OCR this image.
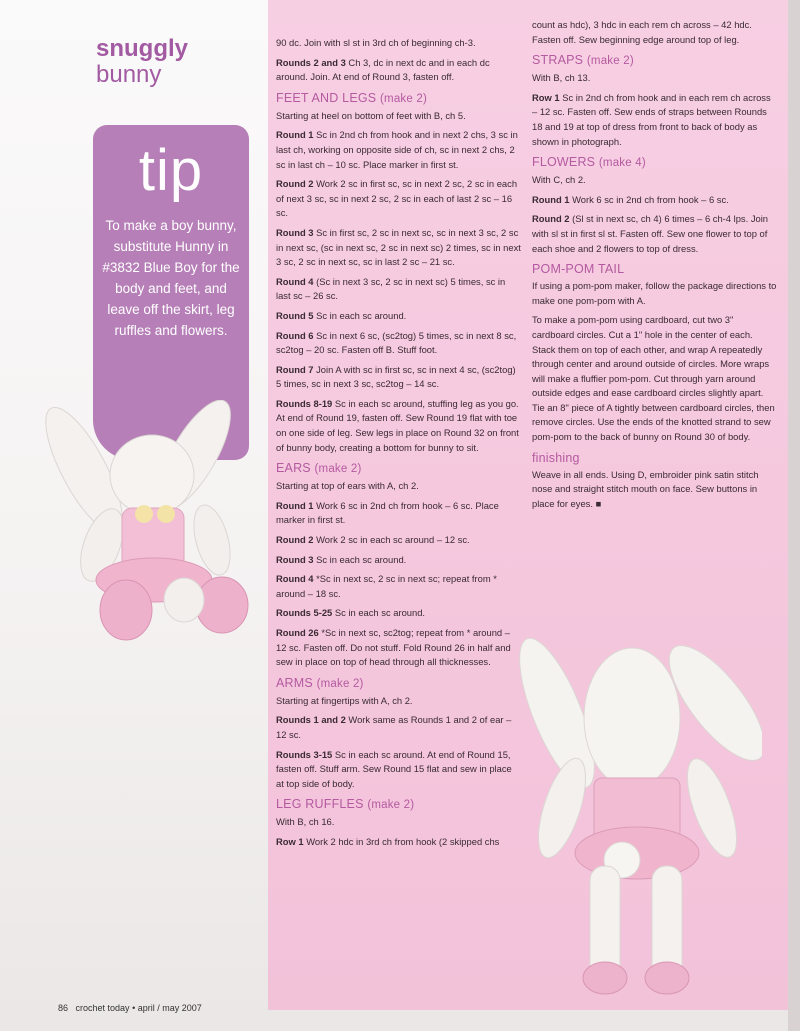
snuggly
bunny
tip
To make a boy bunny, substitute Hunny in #3832 Blue Boy for the body and feet, and leave off the skirt, leg ruffles and flowers.

90 dc. Join with sl st in 3rd ch of beginning ch-3.

Rounds 2 and 3 Ch 3, dc in next dc and in each dc around. Join. At end of Round 3, fasten off.

FEET AND LEGS (make 2)

Starting at heel on bottom of feet with B, ch 5.

Round 1 Sc in 2nd ch from hook and in next 2 chs, 3 sc in last ch, working on opposite side of ch, sc in next 2 chs, 2 sc in last ch – 10 sc. Place marker in first st.

Round 2 Work 2 sc in first sc, sc in next 2 sc, 2 sc in each of next 3 sc, sc in next 2 sc, 2 sc in each of last 2 sc – 16 sc.

Round 3 Sc in first sc, 2 sc in next sc, sc in next 3 sc, 2 sc in next sc, (sc in next sc, 2 sc in next sc) 2 times, sc in next 3 sc, 2 sc in next sc, sc in last 2 sc – 21 sc.

Round 4 (Sc in next 3 sc, 2 sc in next sc) 5 times, sc in last sc – 26 sc.

Round 5 Sc in each sc around.

Round 6 Sc in next 6 sc, (sc2tog) 5 times, sc in next 8 sc, sc2tog – 20 sc. Fasten off B. Stuff foot.

Round 7 Join A with sc in first sc, sc in next 4 sc, (sc2tog) 5 times, sc in next 3 sc, sc2tog – 14 sc.

Rounds 8-19 Sc in each sc around, stuffing leg as you go. At end of Round 19, fasten off. Sew Round 19 flat with toe on one side of leg. Sew legs in place on Round 32 on front of bunny body, creating a bottom for bunny to sit.

EARS (make 2)

Starting at top of ears with A, ch 2.

Round 1 Work 6 sc in 2nd ch from hook – 6 sc. Place marker in first st.

Round 2 Work 2 sc in each sc around – 12 sc.

Round 3 Sc in each sc around.

Round 4 *Sc in next sc, 2 sc in next sc; repeat from * around – 18 sc.

Rounds 5-25 Sc in each sc around.

Round 26 *Sc in next sc, sc2tog; repeat from * around – 12 sc. Fasten off. Do not stuff. Fold Round 26 in half and sew in place on top of head through all thicknesses.

ARMS (make 2)

Starting at fingertips with A, ch 2.

Rounds 1 and 2 Work same as Rounds 1 and 2 of ear – 12 sc.

Rounds 3-15 Sc in each sc around. At end of Round 15, fasten off. Stuff arm. Sew Round 15 flat and sew in place at top side of body.

LEG RUFFLES (make 2)

With B, ch 16.

Row 1 Work 2 hdc in 3rd ch from hook (2 skipped chs

count as hdc), 3 hdc in each rem ch across – 42 hdc. Fasten off. Sew beginning edge around top of leg.

STRAPS (make 2)

With B, ch 13.

Row 1 Sc in 2nd ch from hook and in each rem ch across – 12 sc. Fasten off. Sew ends of straps between Rounds 18 and 19 at top of dress from front to back of body as shown in photograph.

FLOWERS (make 4)

With C, ch 2.

Round 1 Work 6 sc in 2nd ch from hook – 6 sc.

Round 2 (Sl st in next sc, ch 4) 6 times – 6 ch-4 lps. Join with sl st in first sl st. Fasten off. Sew one flower to top of each shoe and 2 flowers to top of dress.

POM-POM TAIL

If using a pom-pom maker, follow the package directions to make one pom-pom with A.

To make a pom-pom using cardboard, cut two 3" cardboard circles. Cut a 1" hole in the center of each. Stack them on top of each other, and wrap A repeatedly through center and around outside of circles. More wraps will make a fluffier pom-pom. Cut through yarn around outside edges and ease cardboard circles slightly apart. Tie an 8" piece of A tightly between cardboard circles, then remove circles. Use the ends of the knotted strand to sew pom-pom to the back of bunny on Round 30 of body.

finishing

Weave in all ends. Using D, embroider pink satin stitch nose and straight stitch mouth on face. Sew buttons in place for eyes. ■

86 crochet today • april / may 2007
